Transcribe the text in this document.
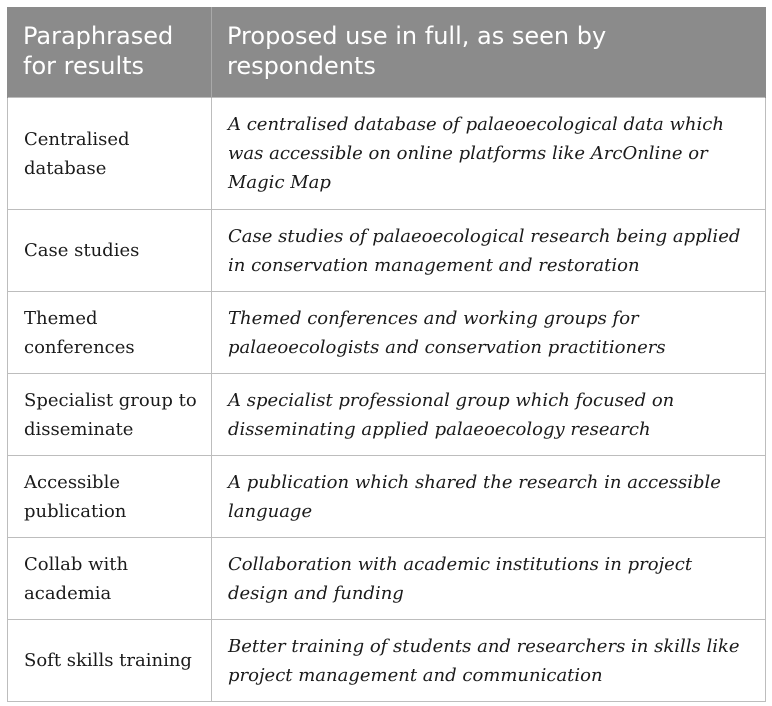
Paraphrased for results	Proposed use in full, as seen by respondents
Centralised database	A centralised database of palaeoecological data which was accessible on online platforms like ArcOnline or Magic Map
Case studies	Case studies of palaeoecological research being applied in conservation management and restoration
Themed conferences	Themed conferences and working groups for palaeoecologists and conservation practitioners
Specialist group to disseminate	A specialist professional group which focused on disseminating applied palaeoecology research
Accessible publication	A publication which shared the research in accessible language
Collab with academia	Collaboration with academic institutions in project design and funding
Soft skills training	Better training of students and researchers in skills like project management and communication
